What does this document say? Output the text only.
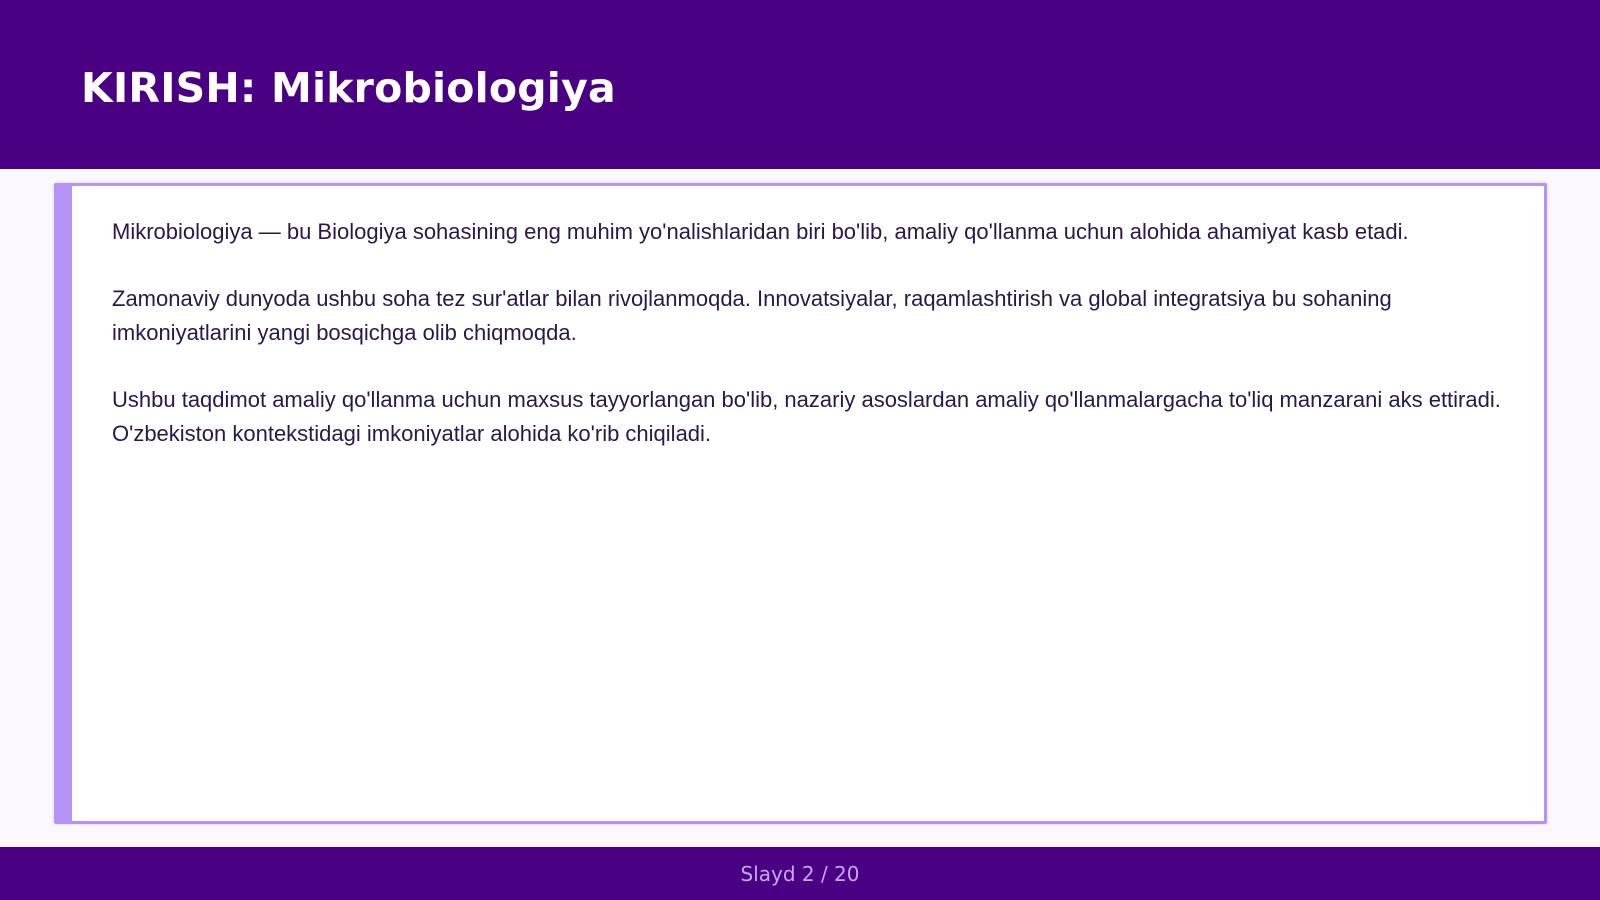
KIRISH: Mikrobiologiya

Mikrobiologiya — bu Biologiya sohasining eng muhim yo'nalishlaridan biri bo'lib, amaliy qo'llanma uchun alohida ahamiyat kasb etadi.

Zamonaviy dunyoda ushbu soha tez sur'atlar bilan rivojlanmoqda. Innovatsiyalar, raqamlashtirish va global integratsiya bu sohaning imkoniyatlarini yangi bosqichga olib chiqmoqda.

Ushbu taqdimot amaliy qo'llanma uchun maxsus tayyorlangan bo'lib, nazariy asoslardan amaliy qo'llanmalargacha to'liq manzarani aks ettiradi. O'zbekiston kontekstidagi imkoniyatlar alohida ko'rib chiqiladi.

Slayd 2 / 20
